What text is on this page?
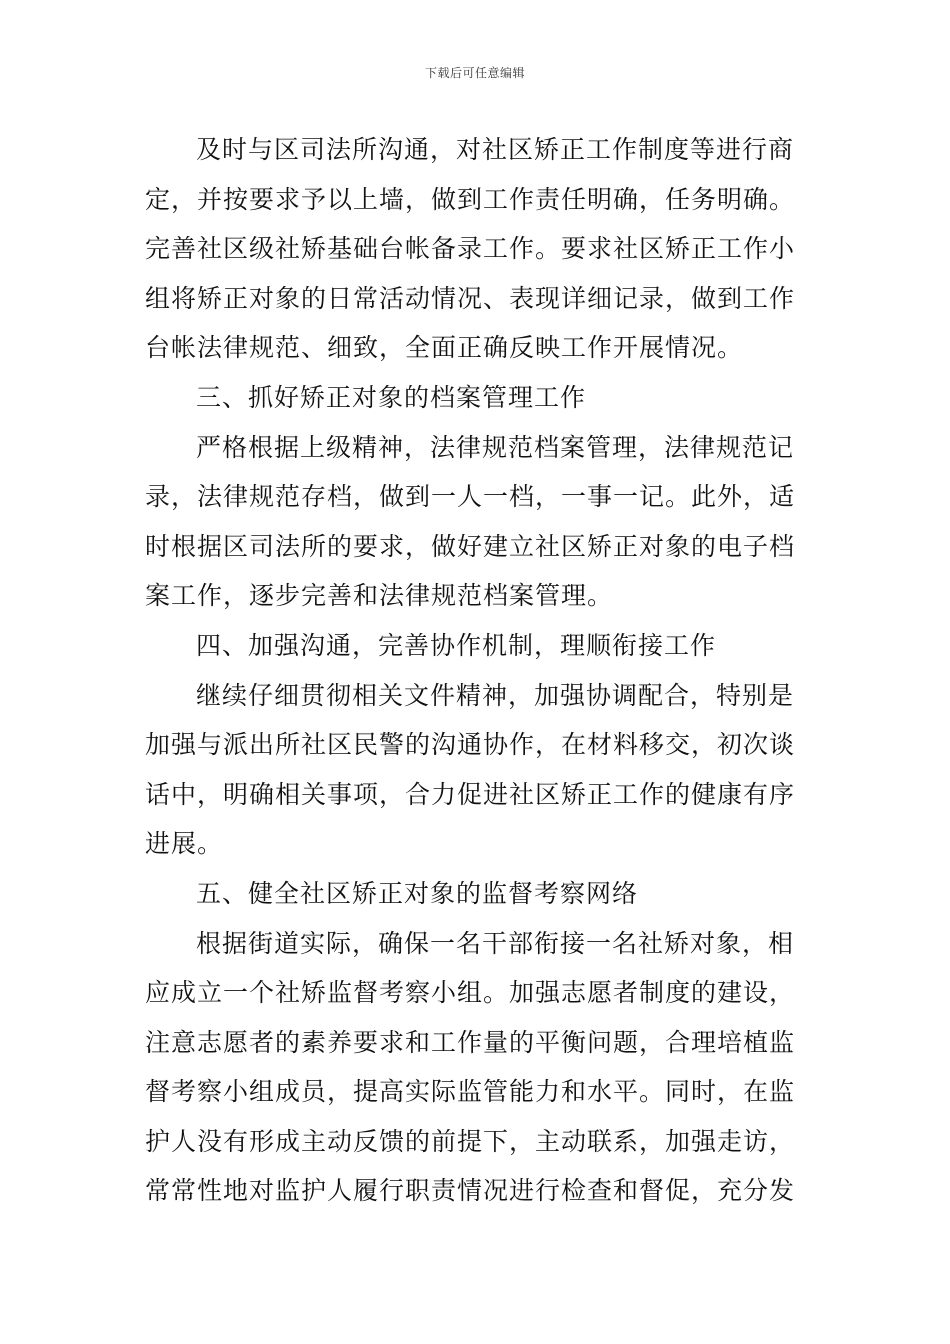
下载后可任意编辑
及时与区司法所沟通，对社区矫正工作制度等进行商
定，并按要求予以上墙，做到工作责任明确，任务明确。
完善社区级社矫基础台帐备录工作。要求社区矫正工作小
组将矫正对象的日常活动情况、表现详细记录，做到工作
台帐法律规范、细致，全面正确反映工作开展情况。
三、抓好矫正对象的档案管理工作
严格根据上级精神，法律规范档案管理，法律规范记
录，法律规范存档，做到一人一档，一事一记。此外，适
时根据区司法所的要求，做好建立社区矫正对象的电子档
案工作，逐步完善和法律规范档案管理。
四、加强沟通，完善协作机制，理顺衔接工作
继续仔细贯彻相关文件精神，加强协调配合，特别是
加强与派出所社区民警的沟通协作，在材料移交，初次谈
话中，明确相关事项，合力促进社区矫正工作的健康有序
进展。
五、健全社区矫正对象的监督考察网络
根据街道实际，确保一名干部衔接一名社矫对象，相
应成立一个社矫监督考察小组。加强志愿者制度的建设，
注意志愿者的素养要求和工作量的平衡问题，合理培植监
督考察小组成员，提高实际监管能力和水平。同时，在监
护人没有形成主动反馈的前提下，主动联系，加强走访，
常常性地对监护人履行职责情况进行检查和督促，充分发
